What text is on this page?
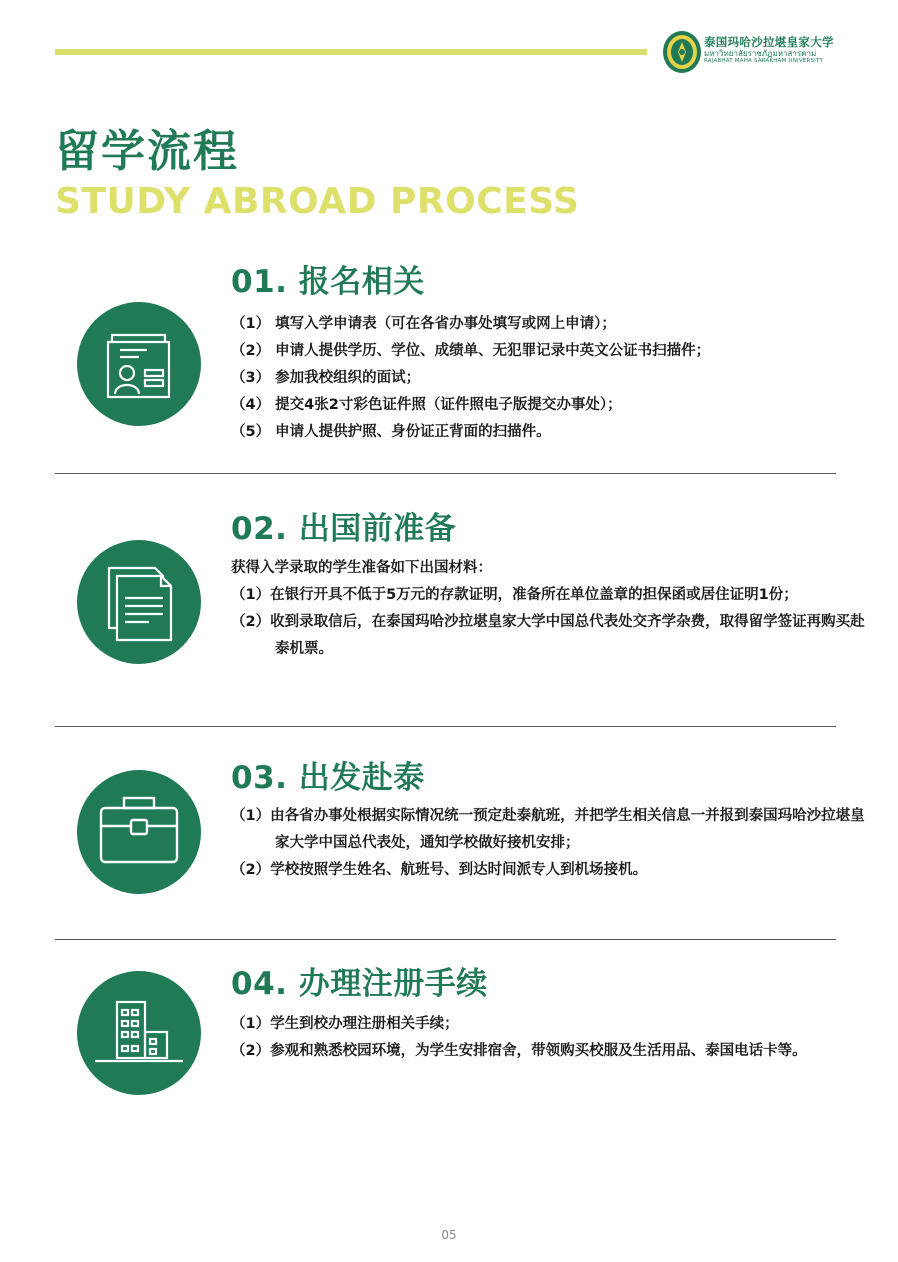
泰国玛哈沙拉堪皇家大学
มหาวิทยาลัยราชภัฏมหาสารคาม
RAJABHAT MAHA SARAKHAM UNIVERSITY
留学流程
STUDY ABROAD PROCESS
01. 报名相关
（1） 填写入学申请表（可在各省办事处填写或网上申请）；
（2） 申请人提供学历、学位、成绩单、无犯罪记录中英文公证书扫描件；
（3） 参加我校组织的面试；
（4） 提交4张2寸彩色证件照（证件照电子版提交办事处）；
（5） 申请人提供护照、身份证正背面的扫描件。
02. 出国前准备
获得入学录取的学生准备如下出国材料：
（1）在银行开具不低于5万元的存款证明，准备所在单位盖章的担保函或居住证明1份；
（2）收到录取信后，在泰国玛哈沙拉堪皇家大学中国总代表处交齐学杂费，取得留学签证再购买赴泰机票。
03. 出发赴泰
（1）由各省办事处根据实际情况统一预定赴泰航班，并把学生相关信息一并报到泰国玛哈沙拉堪皇家大学中国总代表处，通知学校做好接机安排；
（2）学校按照学生姓名、航班号、到达时间派专人到机场接机。
04. 办理注册手续
（1）学生到校办理注册相关手续；
（2）参观和熟悉校园环境，为学生安排宿舍，带领购买校服及生活用品、泰国电话卡等。
05
